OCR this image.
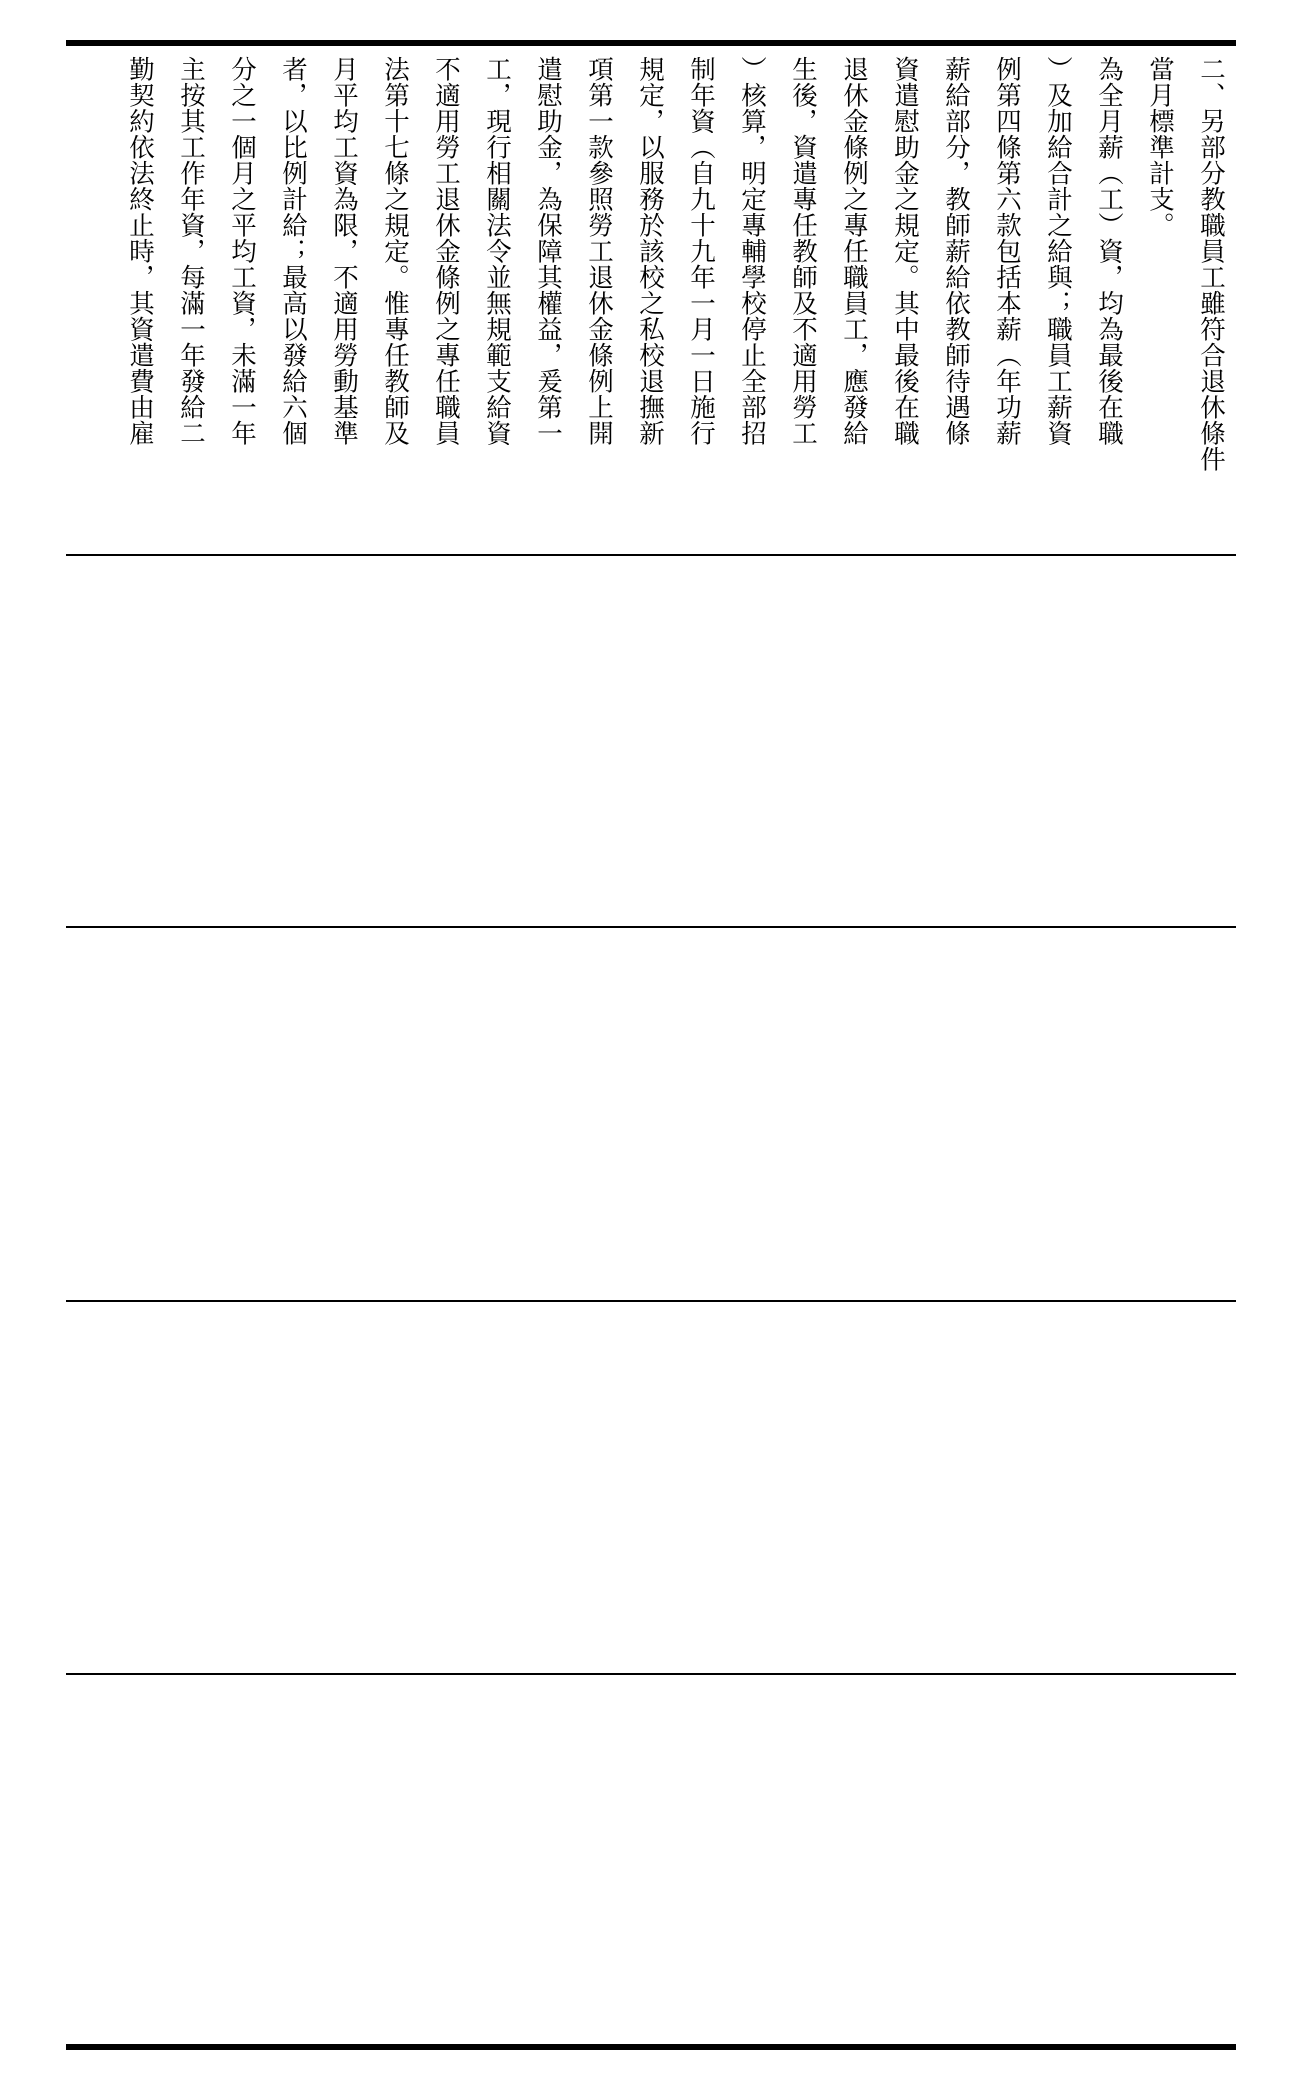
二、另部分教職員工雖符合退休條件
當月標準計支。
為全月薪（工）資，均為最後在職
）及加給合計之給與；職員工薪資
例第四條第六款包括本薪（年功薪
薪給部分，教師薪給依教師待遇條
資遣慰助金之規定。其中最後在職
退休金條例之專任職員工，應發給
生後，資遣專任教師及不適用勞工
）核算，明定專輔學校停止全部招
制年資（自九十九年一月一日施行
規定，以服務於該校之私校退撫新
項第一款參照勞工退休金條例上開
遣慰助金，為保障其權益，爰第一
工，現行相關法令並無規範支給資
不適用勞工退休金條例之專任職員
法第十七條之規定。惟專任教師及
月平均工資為限，不適用勞動基準
者，以比例計給；最高以發給六個
分之一個月之平均工資，未滿一年
主按其工作年資，每滿一年發給二
勤契約依法終止時，其資遣費由雇
